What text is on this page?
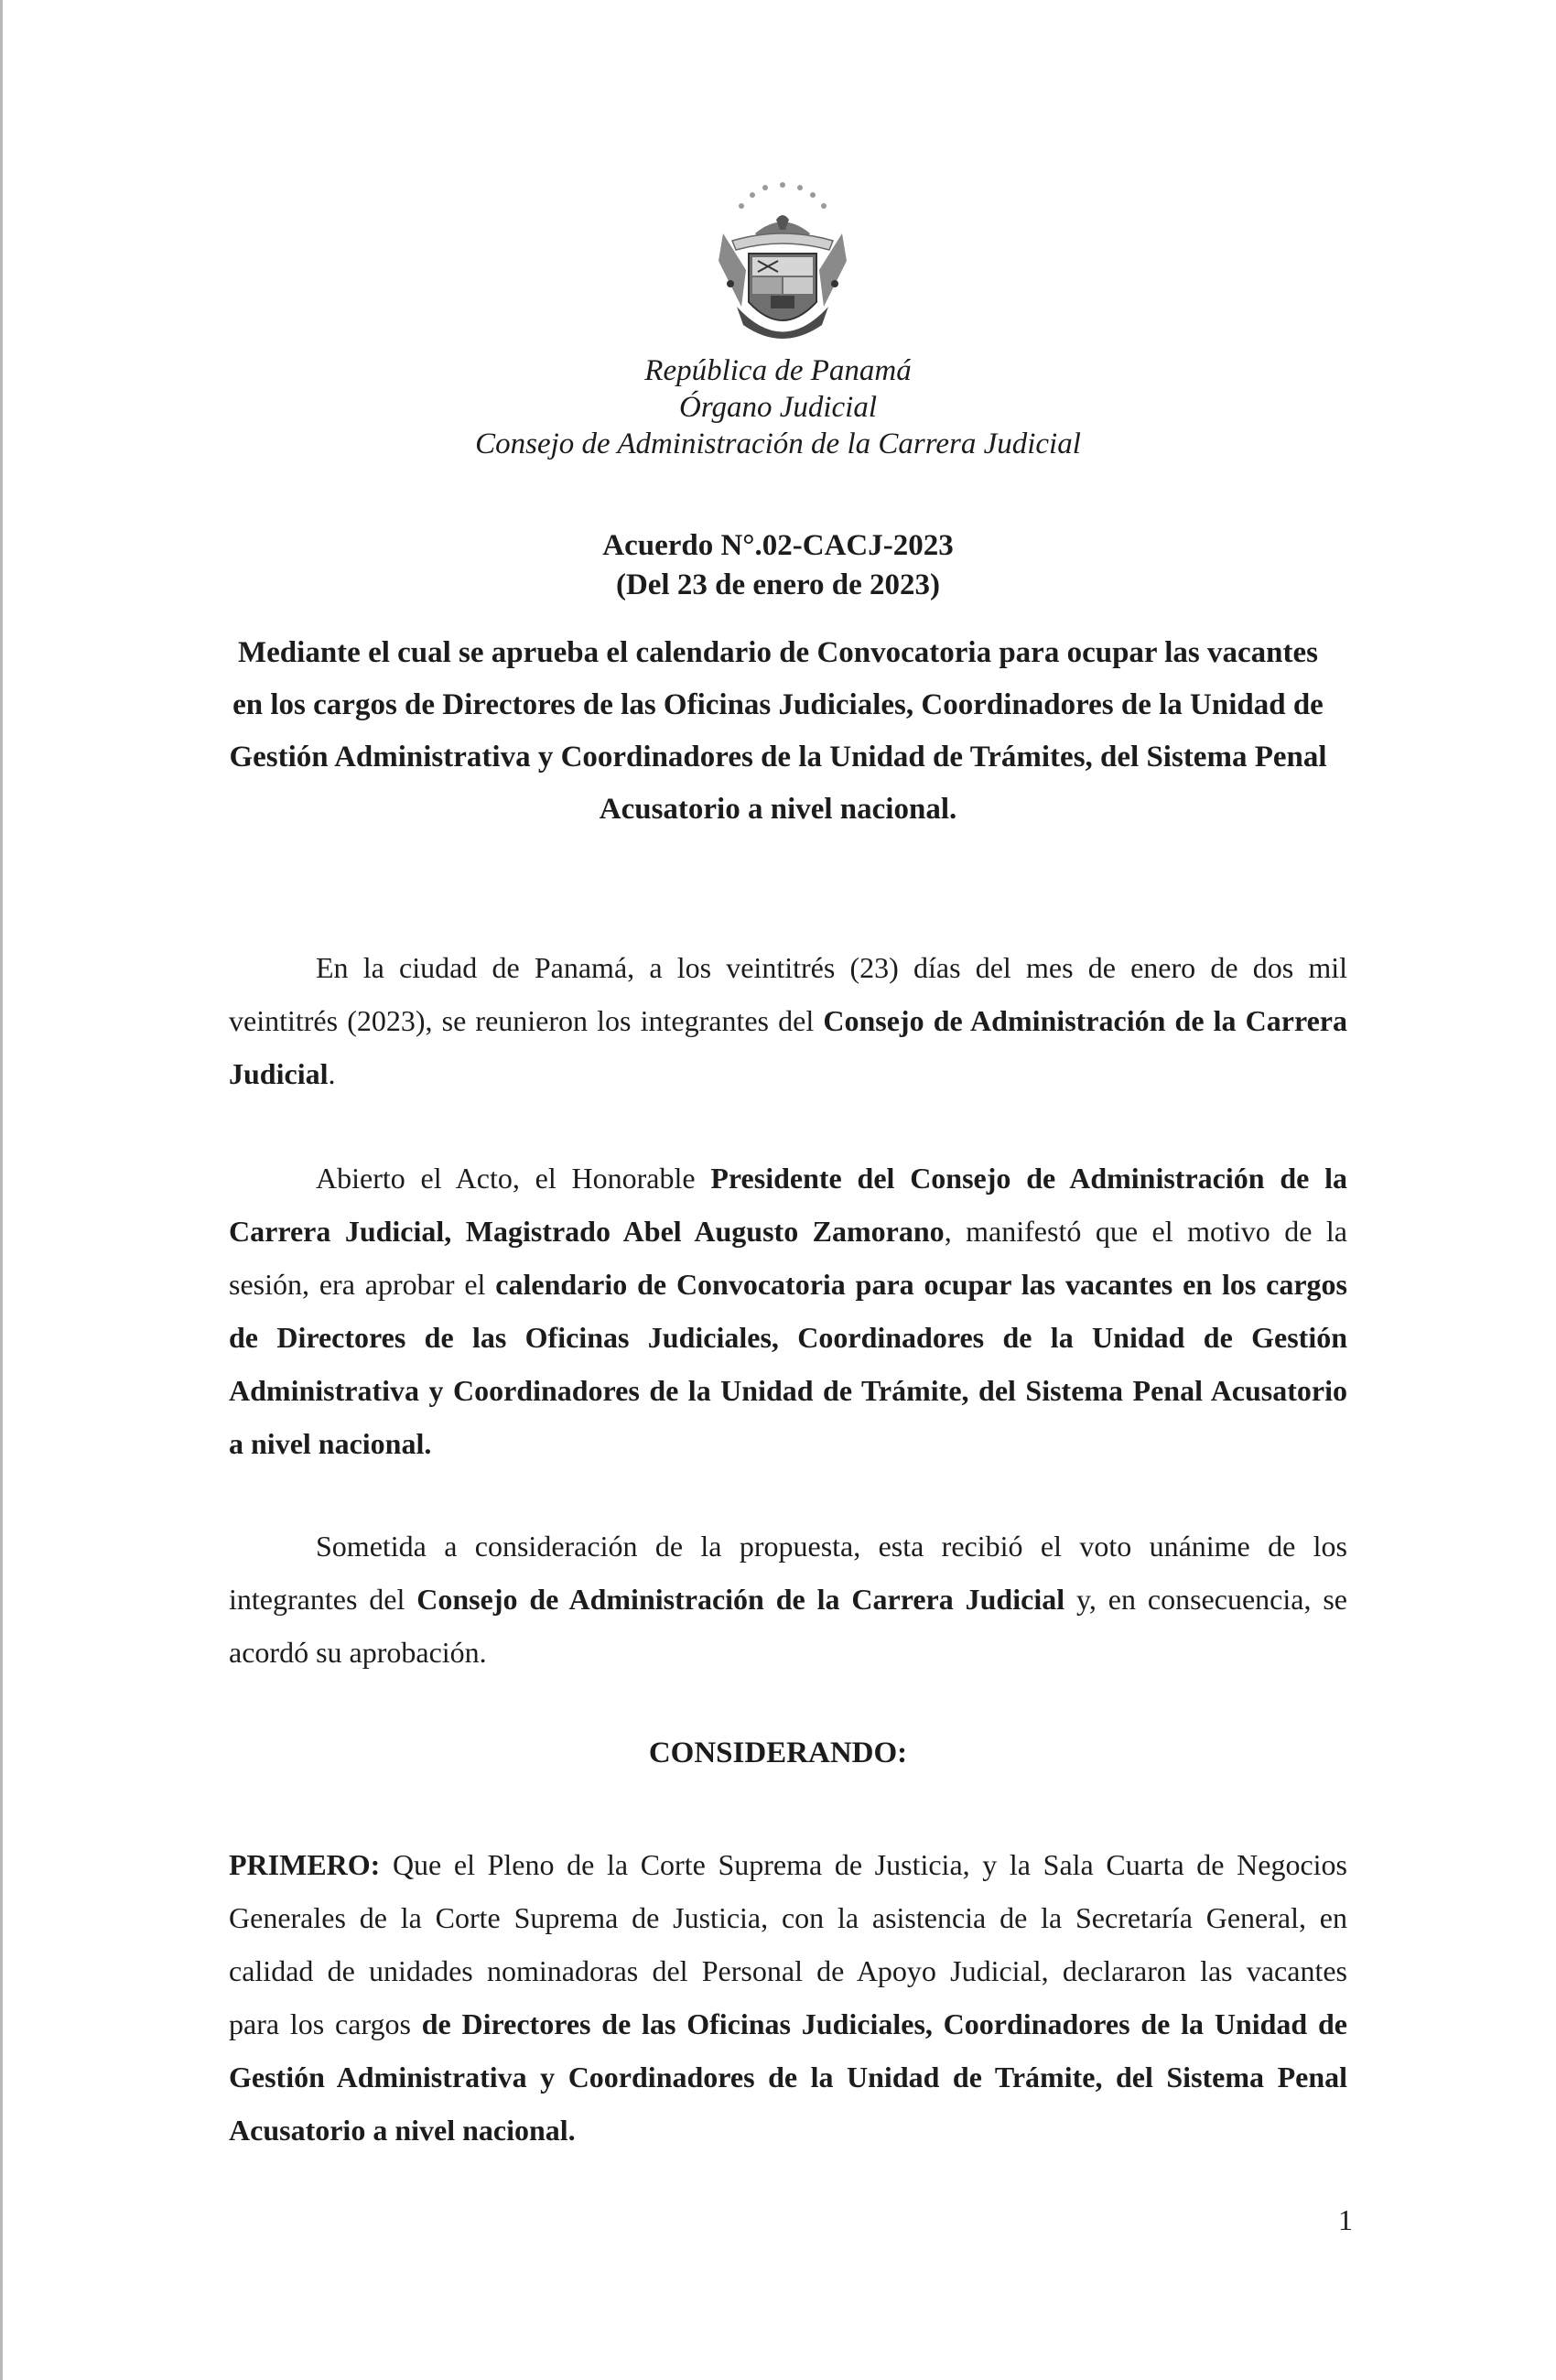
República de Panamá
Órgano Judicial
Consejo de Administración de la Carrera Judicial
Acuerdo N°.02-CACJ-2023
(Del 23 de enero de 2023)
Mediante el cual se aprueba el calendario de Convocatoria para ocupar las vacantes
en los cargos de Directores de las Oficinas Judiciales, Coordinadores de la Unidad de
Gestión Administrativa y Coordinadores de la Unidad de Trámites, del Sistema Penal
Acusatorio a nivel nacional.
En la ciudad de Panamá, a los veintitrés (23) días del mes de enero de dos mil
veintitrés (2023), se reunieron los integrantes del Consejo de Administración de la Carrera
Judicial.
Abierto el Acto, el Honorable Presidente del Consejo de Administración de la
Carrera Judicial, Magistrado Abel Augusto Zamorano, manifestó que el motivo de la
sesión, era aprobar el calendario de Convocatoria para ocupar las vacantes en los cargos
de Directores de las Oficinas Judiciales, Coordinadores de la Unidad de Gestión
Administrativa y Coordinadores de la Unidad de Trámite, del Sistema Penal Acusatorio
a nivel nacional.
Sometida a consideración de la propuesta, esta recibió el voto unánime de los
integrantes del Consejo de Administración de la Carrera Judicial y, en consecuencia, se
acordó su aprobación.
CONSIDERANDO:
PRIMERO: Que el Pleno de la Corte Suprema de Justicia, y la Sala Cuarta de Negocios
Generales de la Corte Suprema de Justicia, con la asistencia de la Secretaría General, en
calidad de unidades nominadoras del Personal de Apoyo Judicial, declararon las vacantes
para los cargos de Directores de las Oficinas Judiciales, Coordinadores de la Unidad de
Gestión Administrativa y Coordinadores de la Unidad de Trámite, del Sistema Penal
Acusatorio a nivel nacional.
1
